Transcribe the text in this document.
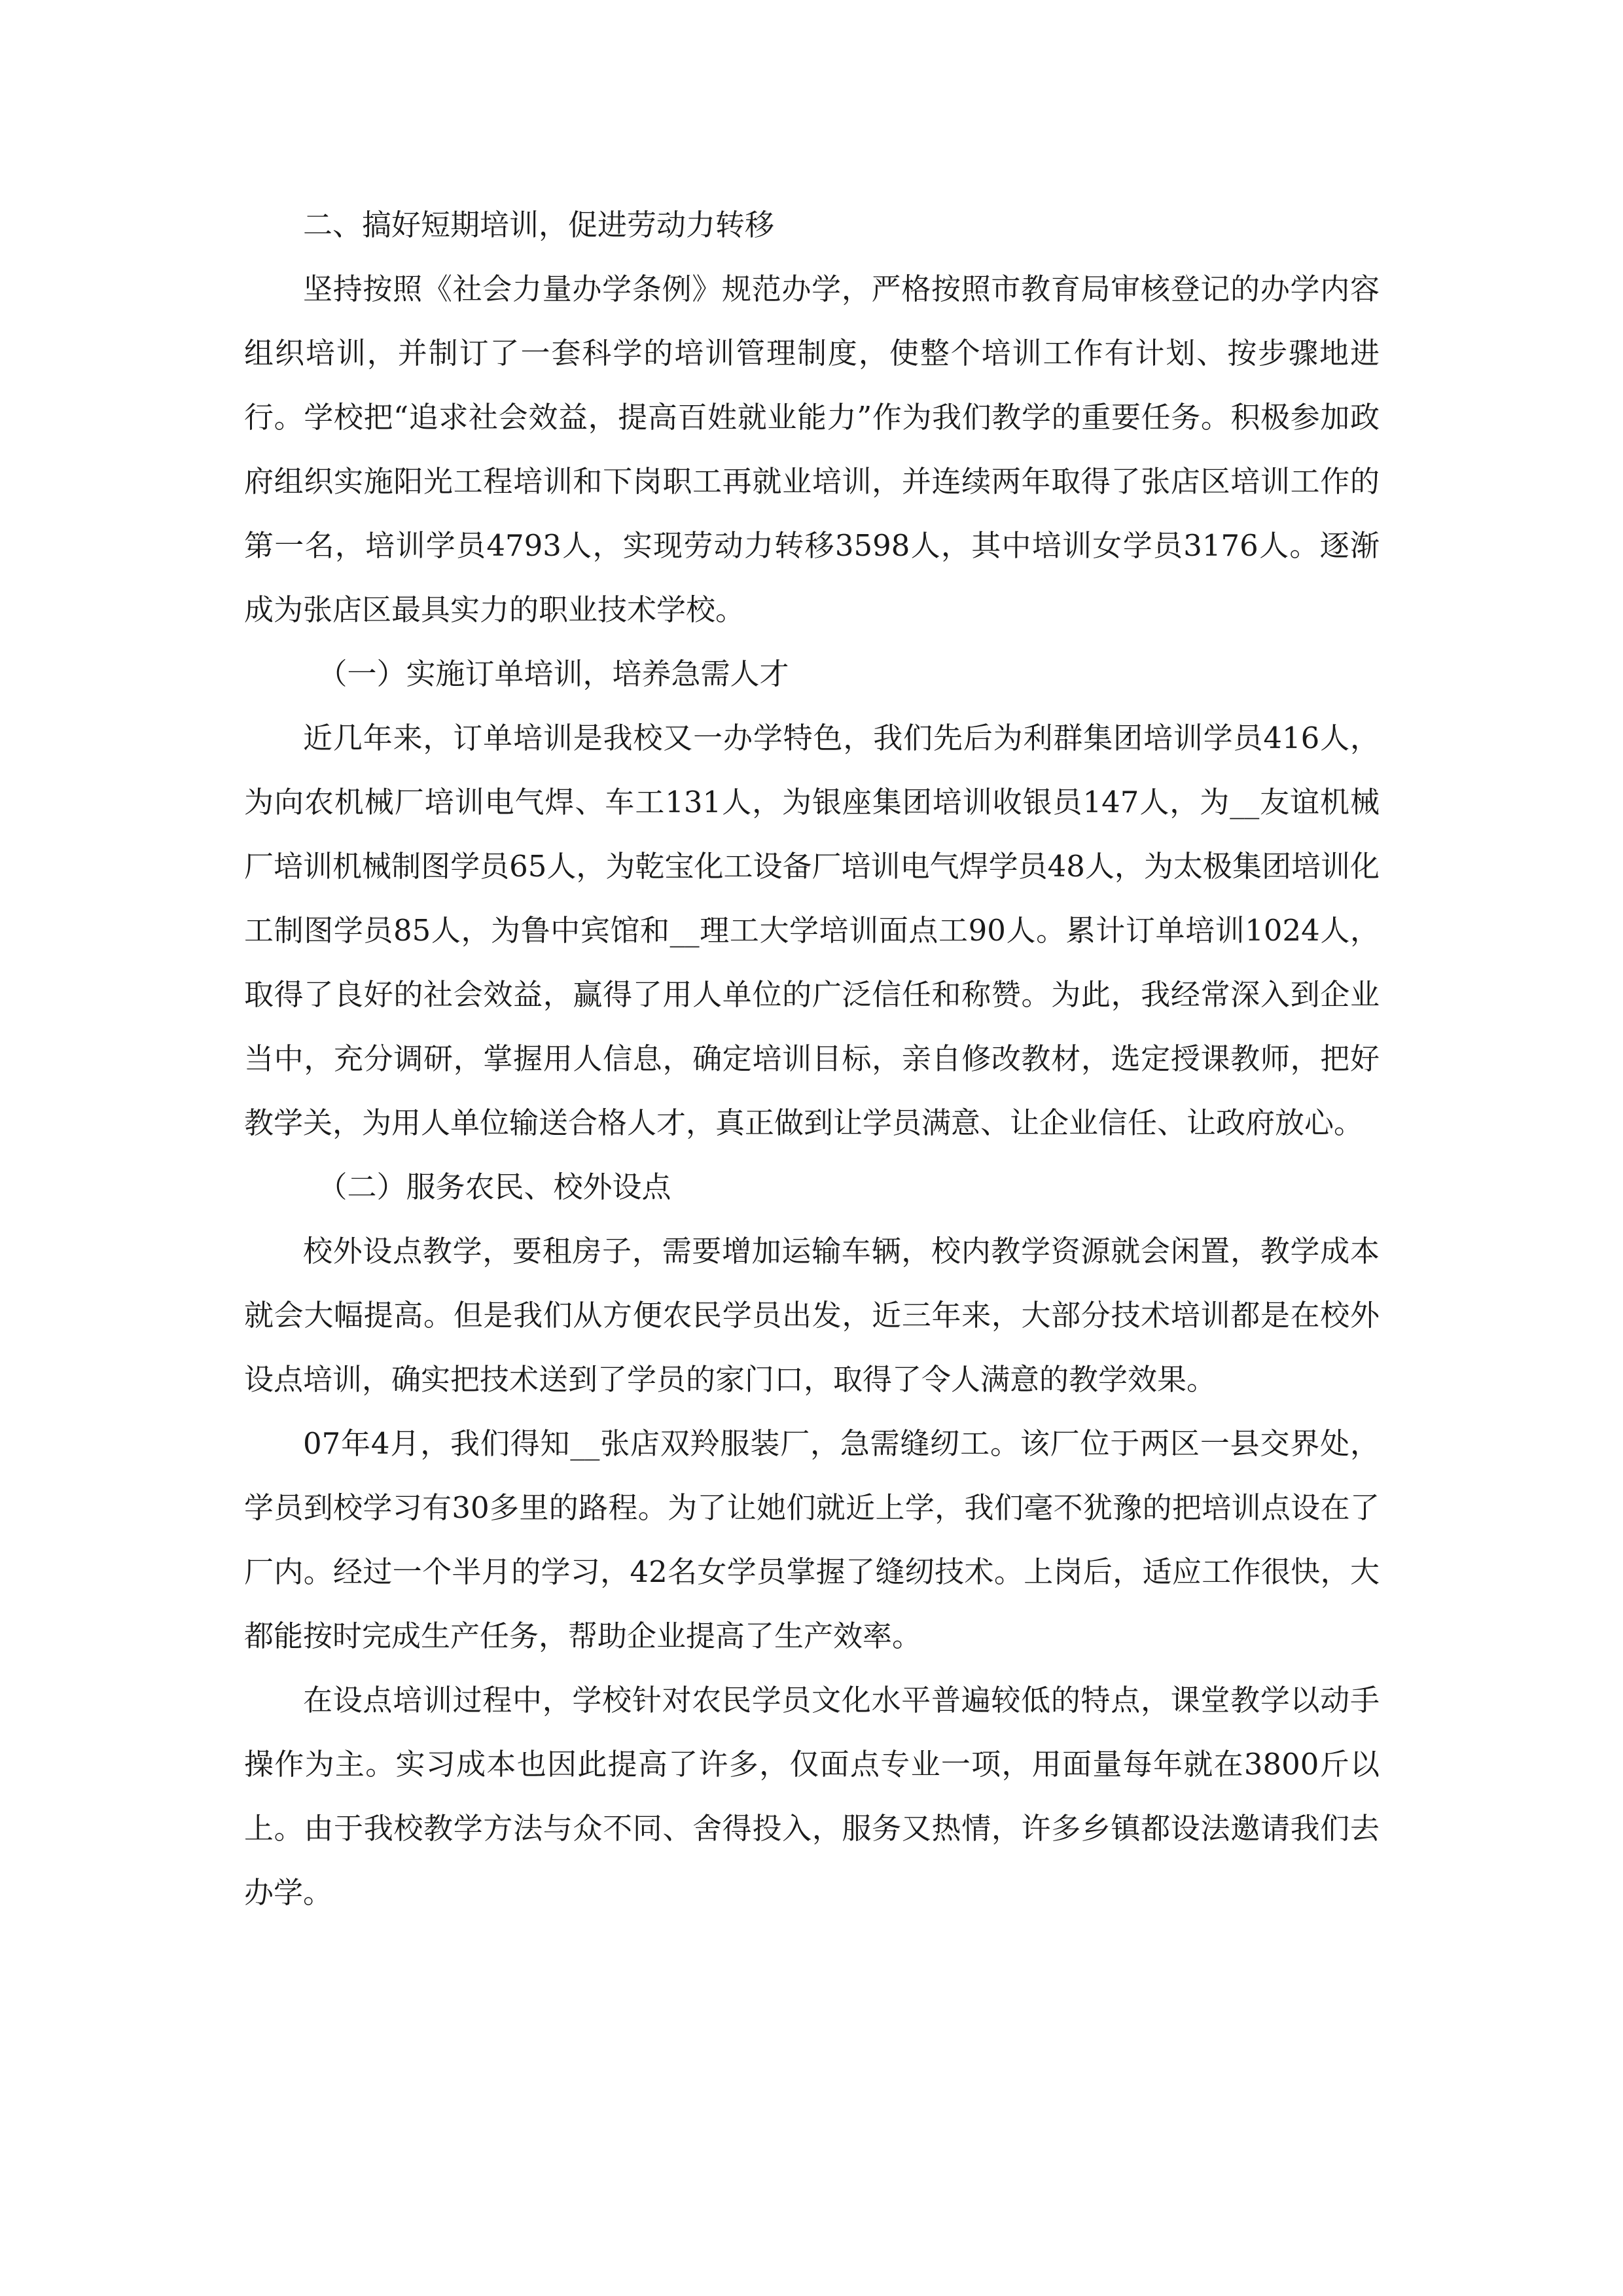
二、搞好短期培训，促进劳动力转移

坚持按照《社会力量办学条例》规范办学，严格按照市教育局审核登记的办学内容组织培训，并制订了一套科学的培训管理制度，使整个培训工作有计划、按步骤地进行。学校把“追求社会效益，提高百姓就业能力”作为我们教学的重要任务。积极参加政府组织实施阳光工程培训和下岗职工再就业培训，并连续两年取得了张店区培训工作的第一名，培训学员4793人，实现劳动力转移3598人，其中培训女学员3176人。逐渐成为张店区最具实力的职业技术学校。

（一）实施订单培训，培养急需人才

近几年来，订单培训是我校又一办学特色，我们先后为利群集团培训学员416人，为向农机械厂培训电气焊、车工131人，为银座集团培训收银员147人，为__友谊机械厂培训机械制图学员65人，为乾宝化工设备厂培训电气焊学员48人，为太极集团培训化工制图学员85人，为鲁中宾馆和__理工大学培训面点工90人。累计订单培训1024人，取得了良好的社会效益，赢得了用人单位的广泛信任和称赞。为此，我经常深入到企业当中，充分调研，掌握用人信息，确定培训目标，亲自修改教材，选定授课教师，把好教学关，为用人单位输送合格人才，真正做到让学员满意、让企业信任、让政府放心。

（二）服务农民、校外设点

校外设点教学，要租房子，需要增加运输车辆，校内教学资源就会闲置，教学成本就会大幅提高。但是我们从方便农民学员出发，近三年来，大部分技术培训都是在校外设点培训，确实把技术送到了学员的家门口，取得了令人满意的教学效果。

07年4月，我们得知__张店双羚服装厂，急需缝纫工。该厂位于两区一县交界处，学员到校学习有30多里的路程。为了让她们就近上学，我们毫不犹豫的把培训点设在了厂内。经过一个半月的学习，42名女学员掌握了缝纫技术。上岗后，适应工作很快，大都能按时完成生产任务，帮助企业提高了生产效率。

在设点培训过程中，学校针对农民学员文化水平普遍较低的特点，课堂教学以动手操作为主。实习成本也因此提高了许多，仅面点专业一项，用面量每年就在3800斤以上。由于我校教学方法与众不同、舍得投入，服务又热情，许多乡镇都设法邀请我们去办学。
